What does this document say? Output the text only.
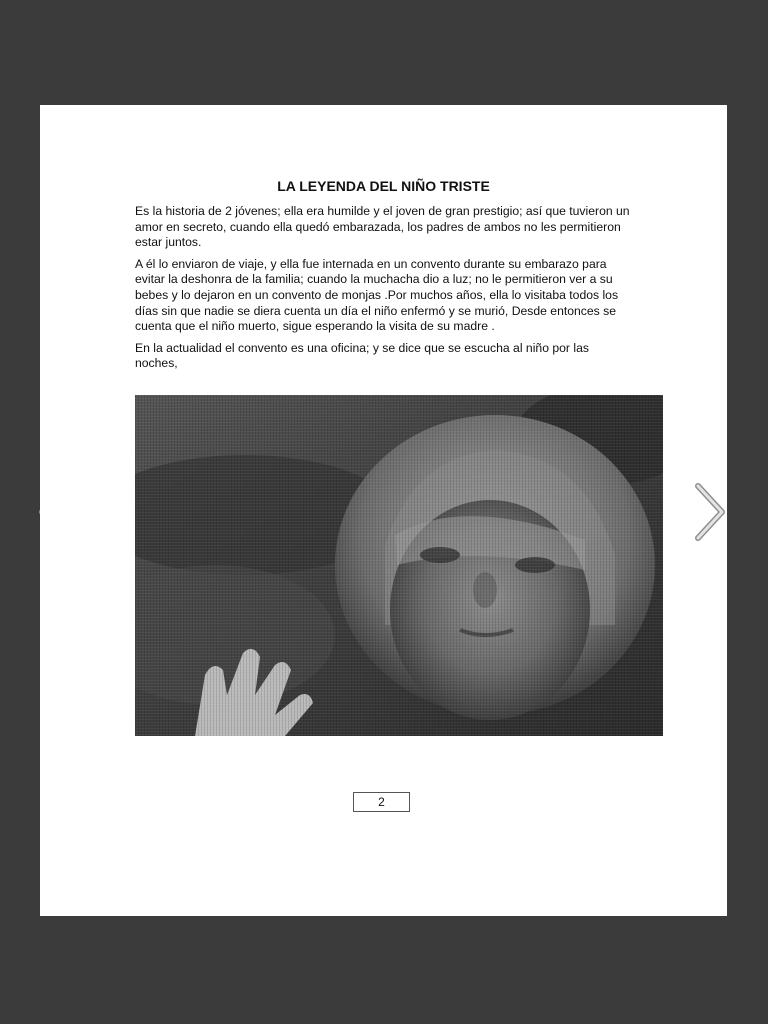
LA LEYENDA DEL NIÑO TRISTE

Es la historia de 2 jóvenes; ella era humilde y el joven de gran prestigio; así que tuvieron un amor en secreto, cuando ella quedó embarazada, los padres de ambos no les permitieron estar juntos.

A él lo enviaron de viaje, y ella fue internada en un convento durante su embarazo para evitar la deshonra de la familia; cuando la muchacha dio a luz; no le permitieron ver a su bebes y lo dejaron en un convento de monjas .Por muchos años, ella lo visitaba todos los días sin que nadie se diera cuenta un día el niño enfermó y se murió, Desde entonces se cuenta que el niño muerto, sigue esperando la visita de su madre .

En la actualidad el convento es una oficina; y se dice que se escucha al niño por las noches,

2
